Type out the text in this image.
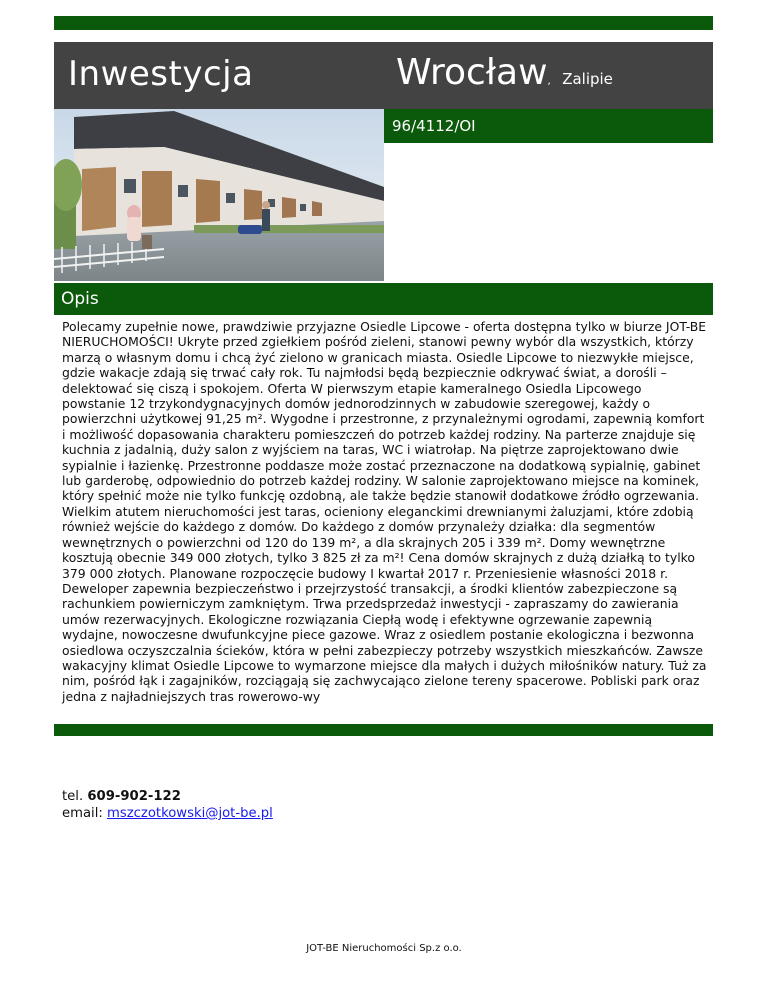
Inwestycja	Wrocław, Zalipie
96/4112/OI
Opis
Polecamy zupełnie nowe, prawdziwie przyjazne Osiedle Lipcowe - oferta dostępna tylko w biurze JOT-BE NIERUCHOMOŚCI! Ukryte przed zgiełkiem pośród zieleni, stanowi pewny wybór dla wszystkich, którzy marzą o własnym domu i chcą żyć zielono w granicach miasta. Osiedle Lipcowe to niezwykłe miejsce, gdzie wakacje zdają się trwać cały rok. Tu najmłodsi będą bezpiecznie odkrywać świat, a dorośli – delektować się ciszą i spokojem. Oferta W pierwszym etapie kameralnego Osiedla Lipcowego powstanie 12 trzykondygnacyjnych domów jednorodzinnych w zabudowie szeregowej, każdy o powierzchni użytkowej 91,25 m². Wygodne i przestronne, z przynależnymi ogrodami, zapewnią komfort i możliwość dopasowania charakteru pomieszczeń do potrzeb każdej rodziny. Na parterze znajduje się kuchnia z jadalnią, duży salon z wyjściem na taras, WC i wiatrołap. Na piętrze zaprojektowano dwie sypialnie i łazienkę. Przestronne poddasze może zostać przeznaczone na dodatkową sypialnię, gabinet lub garderobę, odpowiednio do potrzeb każdej rodziny. W salonie zaprojektowano miejsce na kominek, który spełnić może nie tylko funkcję ozdobną, ale także będzie stanowił dodatkowe źródło ogrzewania. Wielkim atutem nieruchomości jest taras, ocieniony eleganckimi drewnianymi żaluzjami, które zdobią również wejście do każdego z domów. Do każdego z domów przynależy działka: dla segmentów wewnętrznych o powierzchni od 120 do 139 m², a dla skrajnych 205 i 339 m². Domy wewnętrzne kosztują obecnie 349 000 złotych, tylko 3 825 zł za m²! Cena domów skrajnych z dużą działką to tylko 379 000 złotych. Planowane rozpoczęcie budowy I kwartał 2017 r. Przeniesienie własności 2018 r. Deweloper zapewnia bezpieczeństwo i przejrzystość transakcji, a środki klientów zabezpieczone są rachunkiem powierniczym zamkniętym. Trwa przedsprzedaż inwestycji - zapraszamy do zawierania umów rezerwacyjnych. Ekologiczne rozwiązania Ciepłą wodę i efektywne ogrzewanie zapewnią wydajne, nowoczesne dwufunkcyjne piece gazowe. Wraz z osiedlem postanie ekologiczna i bezwonna osiedlowa oczyszczalnia ścieków, która w pełni zabezpieczy potrzeby wszystkich mieszkańców. Zawsze wakacyjny klimat Osiedle Lipcowe to wymarzone miejsce dla małych i dużych miłośników natury. Tuż za nim, pośród łąk i zagajników, rozciągają się zachwycająco zielone tereny spacerowe. Pobliski park oraz jedna z najładniejszych tras rowerowo-wy
tel. 609-902-122
email: mszczotkowski@jot-be.pl
JOT-BE Nieruchomości Sp.z o.o.
